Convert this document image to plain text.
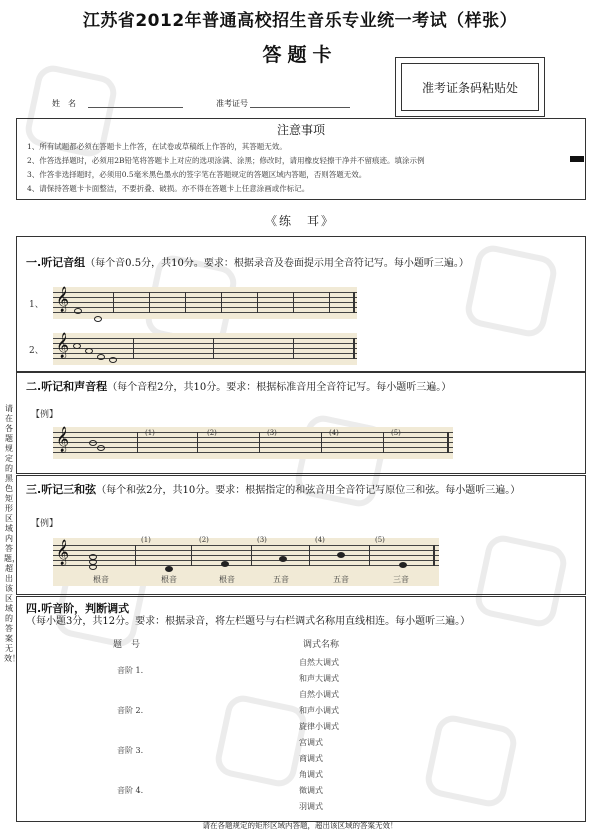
江苏省2012年普通高校招生音乐专业统一考试（样张）
答题卡
准考证条码粘贴处
姓　名	准考证号
注意事项
1、所有试题都必须在答题卡上作答，在试卷或草稿纸上作答的，其答题无效。
2、作答选择题时，必须用2B铅笔将答题卡上对应的选项涂满、涂黑；修改时，请用橡皮轻擦干净并不留痕迹。填涂示例
3、作答非选择题时，必须用0.5毫米黑色墨水的签字笔在答题规定的答题区域内答题，否则答题无效。
4、请保持答题卡卡面整洁，不要折叠、破损。亦不得在答题卡上任意涂画或作标记。
《练　耳》
请在各题规定的黑色矩形区域内答题，超出该区域的答案无效！
一.听记音组（每个音0.5分，共10分。要求：根据录音及卷面提示用全音符记写。每小题听三遍。）
1、 𝄞
2、 𝄞
二.听记和声音程（每个音程2分，共10分。要求：根据标准音用全音符记写。每小题听三遍。）
【例】
𝄞	(1)	(2)	(3)	(4)	(5)
三.听记三和弦（每个和弦2分，共10分。要求：根据指定的和弦音用全音符记写原位三和弦。每小题听三遍。）
【例】
𝄞	(1)	(2)	(3)	(4)	(5)
根音	根音	根音	五音	五音	三音
四.听音阶，判断调式（每小题3分，共12分。要求：根据录音，将左栏题号与右栏调式名称用直线相连。每小题听三遍。）
题　号	调式名称
音阶 1.
音阶 2.
音阶 3.
音阶 4.
自然大调式
和声大调式
自然小调式
和声小调式
旋律小调式
宫调式
商调式
角调式
徵调式
羽调式
请在各题规定的矩形区域内答题，超出该区域的答案无效！
